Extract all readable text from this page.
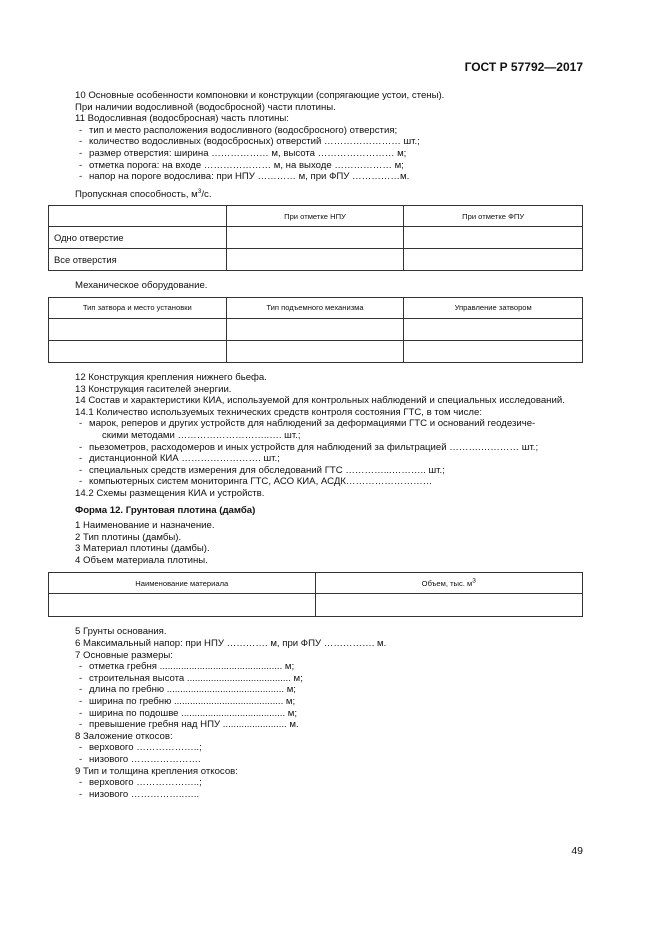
ГОСТ Р 57792—2017
10 Основные особенности компоновки и конструкции (сопрягающие устои, стены).
При наличии водосливной (водосбросной) части плотины.
11 Водосливная (водосбросная) часть плотины:
- тип и место расположения водосливного (водосбросного) отверстия;
- количество водосливных (водосбросных) отверстий …………………… шт.;
- размер отверстия: ширина ……………… м, высота …………………… м;
- отметка порога: на входе ………………… м, на выходе ……………… м;
- напор на пороге водослива: при НПУ ………… м, при ФПУ ……………м.
Пропускная способность, $м^3/с$.
	При отметке НПУ	При отметке ФПУ
Одно отверстие		
Все отверстия		
Механическое оборудование.
Тип затвора и место установки	Тип подъемного механизма	Управление затвором

12 Конструкция крепления нижнего бьефа.
13 Конструкция гасителей энергии.
14 Состав и характеристики КИА, используемой для контрольных наблюдений и специальных исследований.
14.1 Количество используемых технических средств контроля состояния ГТС, в том числе:
- марок, реперов и других устройств для наблюдений за деформациями ГТС и оснований геодезиче-
скими методами ………………………..…. шт.;
- пьезометров, расходомеров и иных устройств для наблюдений за фильтрацией ……….………… шт.;
- дистанционной КИА ……………………. шт.;
- специальных средств измерения для обследований ГТС …………...……….. шт.;
- компьютерных систем мониторинга ГТС, АСО КИА, АСДК………………………
14.2 Схемы размещения КИА и устройств.
Форма 12. Грунтовая плотина (дамба)
1 Наименование и назначение.
2 Тип плотины (дамбы).
3 Материал плотины (дамбы).
4 Объем материала плотины.
Наименование материала	Объем, тыс. $м^3$

5 Грунты основания.
6 Максимальный напор: при НПУ …………. м, при ФПУ ……………. м.
7 Основные размеры:
- отметка гребня .............................................. м;
- строительная высота ....................................... м;
- длина по гребню ............................................ м;
- ширина по гребню ......................................... м;
- ширина по подошве ....................................... м;
- превышение гребня над НПУ ........................ м.
8 Заложение откосов:
- верхового ………………..;
- низового ………………….
9 Тип и толщина крепления откосов:
- верхового ………………..;
- низового ……………..…..
49
